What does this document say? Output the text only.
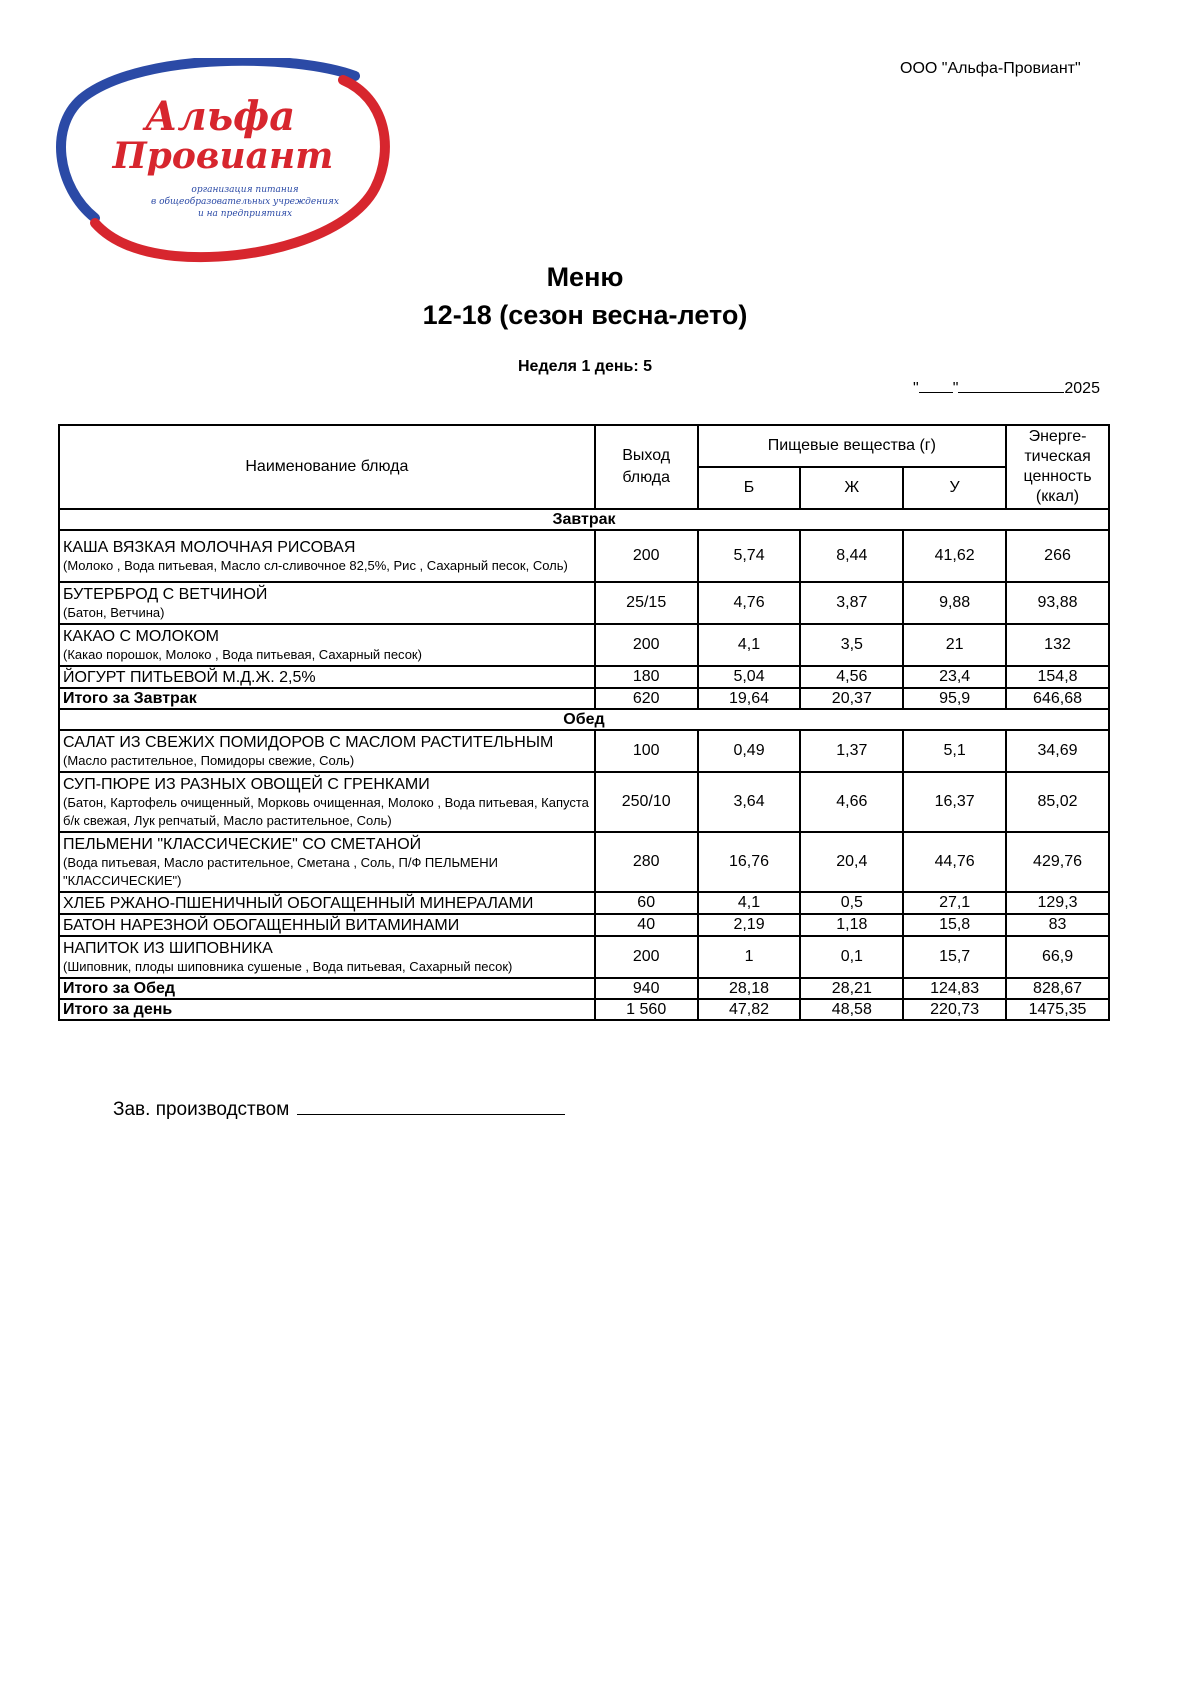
ООО "Альфа-Провиант"
Альфа
Провиант
организация питания
в общеобразовательных учреждениях
и на предприятиях
Меню
12-18 (сезон весна-лето)
Неделя 1 день: 5
" "	2025
Наименование блюда	Выход блюда	Пищевые вещества (г)			Энерге-
тическая
ценность
(ккал)
		Б	Ж	У	
Завтрак					
КАША ВЯЗКАЯ МОЛОЧНАЯ РИСОВАЯ
(Молоко , Вода питьевая, Масло сл-сливочное 82,5%, Рис , Сахарный песок, Соль)	200	5,74	8,44	41,62	266
БУТЕРБРОД С ВЕТЧИНОЙ
(Батон, Ветчина)	25/15	4,76	3,87	9,88	93,88
КАКАО С МОЛОКОМ
(Какао порошок, Молоко , Вода питьевая, Сахарный песок)	200	4,1	3,5	21	132
ЙОГУРТ ПИТЬЕВОЙ М.Д.Ж. 2,5%	180	5,04	4,56	23,4	154,8
Итого за Завтрак	620	19,64	20,37	95,9	646,68
Обед					
САЛАТ ИЗ СВЕЖИХ ПОМИДОРОВ С МАСЛОМ РАСТИТЕЛЬНЫМ
(Масло растительное, Помидоры свежие, Соль)	100	0,49	1,37	5,1	34,69
СУП-ПЮРЕ ИЗ РАЗНЫХ ОВОЩЕЙ С ГРЕНКАМИ
(Батон, Картофель очищенный, Морковь очищенная, Молоко , Вода питьевая, Капуста б/к свежая, Лук репчатый, Масло растительное, Соль)	250/10	3,64	4,66	16,37	85,02
ПЕЛЬМЕНИ "КЛАССИЧЕСКИЕ" СО СМЕТАНОЙ
(Вода питьевая, Масло растительное, Сметана , Соль, П/Ф ПЕЛЬМЕНИ "КЛАССИЧЕСКИЕ")	280	16,76	20,4	44,76	429,76
ХЛЕБ РЖАНО-ПШЕНИЧНЫЙ ОБОГАЩЕННЫЙ МИНЕРАЛАМИ	60	4,1	0,5	27,1	129,3
БАТОН НАРЕЗНОЙ ОБОГАЩЕННЫЙ ВИТАМИНАМИ	40	2,19	1,18	15,8	83
НАПИТОК ИЗ ШИПОВНИКА
(Шиповник, плоды шиповника сушеные , Вода питьевая, Сахарный песок)	200	1	0,1	15,7	66,9
Итого за Обед	940	28,18	28,21	124,83	828,67
Итого за день	1 560	47,82	48,58	220,73	1475,35
Зав. производством
